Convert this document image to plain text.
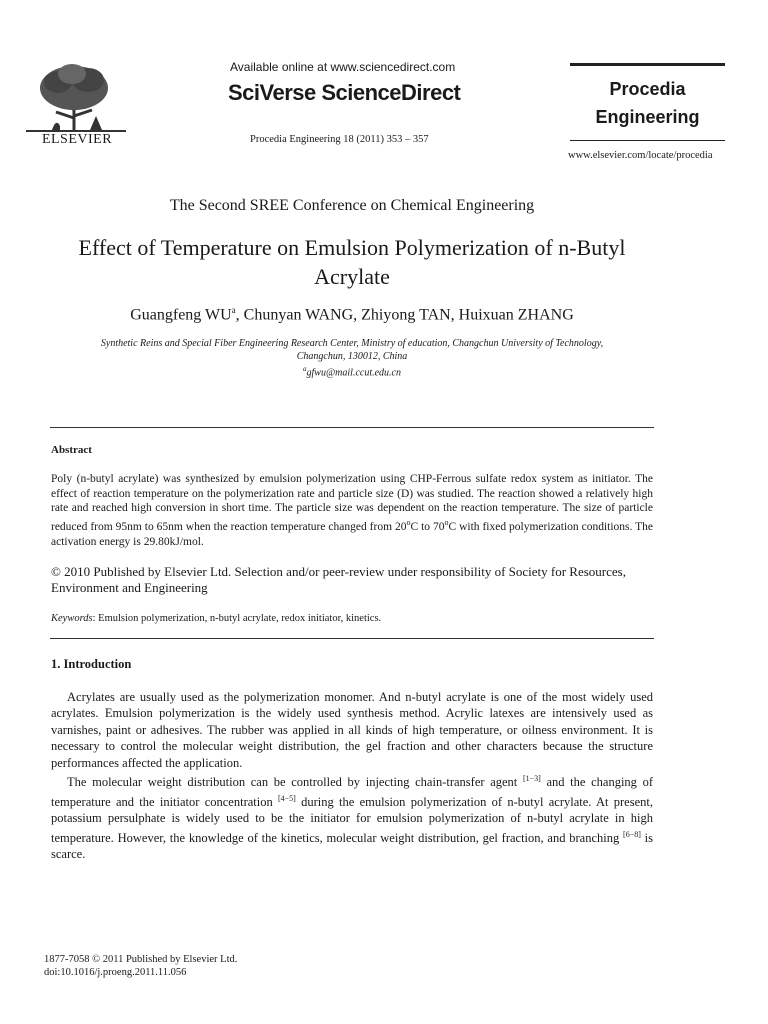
ELSEVIER
Available online at www.sciencedirect.com
SciVerse ScienceDirect
Procedia Engineering 18 (2011) 353 – 357
Procedia
Engineering
www.elsevier.com/locate/procedia
The Second SREE Conference on Chemical Engineering
Effect of Temperature on Emulsion Polymerization of n-Butyl
Acrylate
Guangfeng $WU^a$, Chunyan WANG, Zhiyong TAN, Huixuan ZHANG
Synthetic Reins and Special Fiber Engineering Research Center, Ministry of education, Changchun University of Technology,
Changchun, 130012, China
$^a$gfwu@mail.ccut.edu.cn
Abstract
Poly (n-butyl acrylate) was synthesized by emulsion polymerization using CHP-Ferrous sulfate redox system as initiator. The effect of reaction temperature on the polymerization rate and particle size (D) was studied. The reaction showed a relatively high rate and reached high conversion in short time. The particle size was dependent on the reaction temperature. The size of particle reduced from 95nm to 65nm when the reaction temperature changed from 20$^o$C to 70$^o$C with fixed polymerization conditions. The activation energy is 29.80kJ/mol.
© 2010 Published by Elsevier Ltd. Selection and/or peer-review under responsibility of Society for Resources, Environment and Engineering
Keywords: Emulsion polymerization, n-butyl acrylate, redox initiator, kinetics.
1. Introduction
Acrylates are usually used as the polymerization monomer. And n-butyl acrylate is one of the most widely used acrylates. Emulsion polymerization is the widely used synthesis method. Acrylic latexes are intensively used as varnishes, paint or adhesives. The rubber was applied in all kinds of high temperature, or oilness environment. It is necessary to control the molecular weight distribution, the gel fraction and other characters because the structure performances affected the application.
The molecular weight distribution can be controlled by injecting chain-transfer agent [1−3] and the changing of temperature and the initiator concentration [4−5] during the emulsion polymerization of n-butyl acrylate. At present, potassium persulphate is widely used to be the initiator for emulsion polymerization of n-butyl acrylate in high temperature. However, the knowledge of the kinetics, molecular weight distribution, gel fraction, and branching [6−8] is scarce.
1877-7058 © 2011 Published by Elsevier Ltd.
doi:10.1016/j.proeng.2011.11.056
